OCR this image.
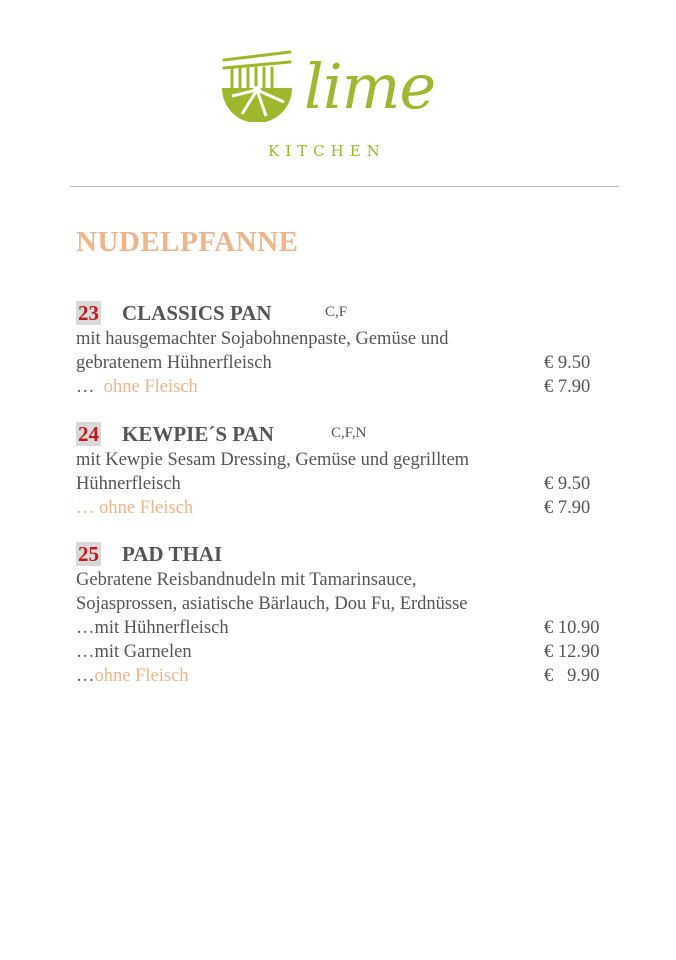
lime
KITCHEN
NUDELPFANNE
23 CLASSICS PAN	C,F
mit hausgemachter Sojabohnenpaste, Gemüse und
gebratenem Hühnerfleisch	€ 9.50
…  ohne Fleisch	€ 7.90
24 KEWPIE´S PAN	C,F,N
mit Kewpie Sesam Dressing, Gemüse und gegrilltem
Hühnerfleisch	€ 9.50
… ohne Fleisch	€ 7.90
25 PAD THAI
Gebratene Reisbandnudeln mit Tamarinsauce,
Sojasprossen, asiatische Bärlauch, Dou Fu, Erdnüsse
…mit Hühnerfleisch	€ 10.90
…mit Garnelen	€ 12.90
…ohne Fleisch	€   9.90
